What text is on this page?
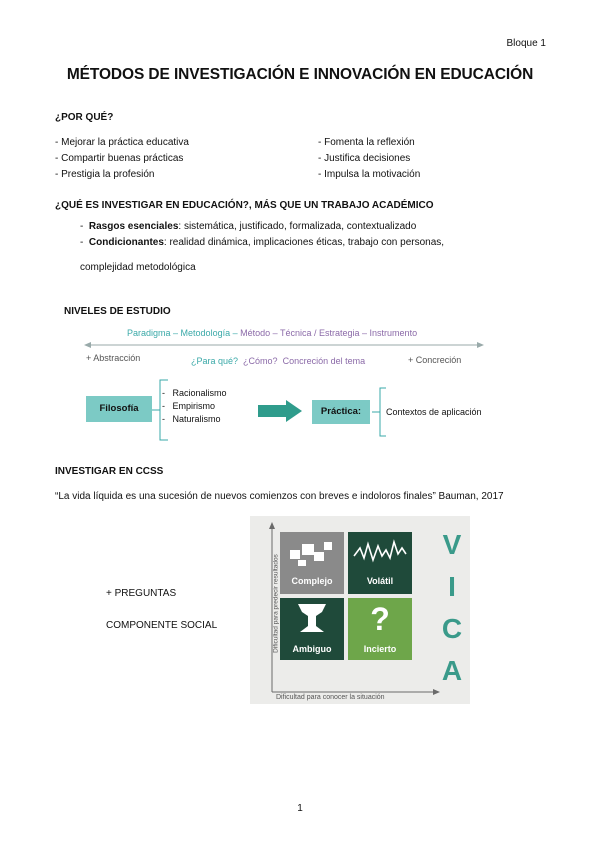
Bloque 1
MÉTODOS DE INVESTIGACIÓN E INNOVACIÓN EN EDUCACIÓN
¿POR QUÉ?
- Mejorar la práctica educativa
- Compartir buenas prácticas
- Prestigia la profesión
- Fomenta la reflexión
- Justifica decisiones
- Impulsa la motivación
¿QUÉ ES INVESTIGAR EN EDUCACIÓN?, MÁS QUE UN TRABAJO ACADÉMICO
-  Rasgos esenciales: sistemática, justificado, formalizada, contextualizado
-  Condicionantes: realidad dinámica, implicaciones éticas, trabajo con personas,
complejidad metodológica
NIVELES DE ESTUDIO
Paradigma – Metodología – Método – Técnica / Estrategia – Instrumento
+ Abstracción	+ Concreción
¿Para qué? ¿Cómo? Concreción del tema
Filosofía
-   Racionalismo
-   Empirismo
-   Naturalismo
Práctica:	Contextos de aplicación
INVESTIGAR EN CCSS
“La vida líquida es una sucesión de nuevos comienzos con breves e indoloros finales” Bauman, 2017
+ PREGUNTAS
COMPONENTE SOCIAL	Dificultad para predecir resultados
Dificultad para conocer la situación
Complejo	Volátil
Ambiguo
?
Incierto
V
I
C
A
1
